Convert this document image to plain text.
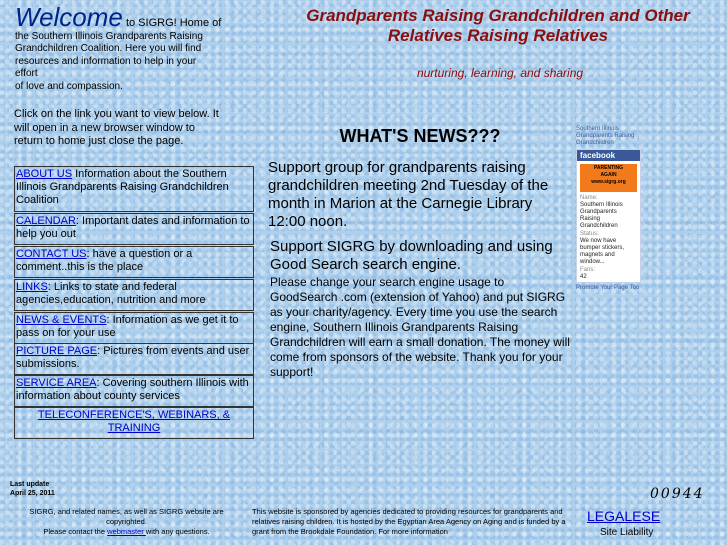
Welcome to SIGRG! Home of
the Southern Illinois Grandparents Raising
Grandchildren Coalition. Here you will find
resources and information to help in your
effort
of love and compassion.
Click on the link you want to view below. It
will open in a new browser window to
return to home just close the page.
ABOUT US Information about the Southern Illinois Grandparents Raising Grandchildren Coalition
CALENDAR: Important dates and information to help you out
CONTACT US: have a question or a comment..this is the place
LINKS: Links to state and federal agencies,education, nutrition and more
NEWS & EVENTS: Information as we get it to pass on for your use
PICTURE PAGE: Pictures from events and user submissions.
SERVICE AREA: Covering southern Illinois with information about county services
TELECONFERENCE'S, WEBINARS, & TRAINING
Grandparents Raising Grandchildren and Other
Relatives Raising Relatives
nurturing, learning, and sharing
WHAT'S NEWS???
Support group for grandparents raising grandchildren meeting 2nd Tuesday of the month in Marion at the Carnegie Library 12:00 noon.
Support SIGRG by downloading and using Good Search search engine.
Please change your search engine usage to GoodSearch .com (extension of Yahoo) and put SIGRG as your charity/agency. Every time you use the search engine, Southern Illinois Grandparents Raising Grandchildren will earn a small donation. The money will come from sponsors of the website. Thank you for your support!
Southern Illinois Grandparents Raising Grandchildren
facebook
PARENTING
AGAIN
www.sigrg.org
Name:
Southern Illinois Grandparents Raising Grandchildren
Status:
We now have bumper stickers, magnets and window...
Fans:
42
Promote Your Page Too
Last update
April 25, 2011
SIGRG, and related names, as well as SIGRG website are copyrighted.
Please contact the webmaster with any questions.
This website is sponsored by agencies dedicated to providing resources for grandparents and relatives raising children. It is hosted by the Egyptian Area Agency on Aging and is funded by a grant from the Brookdale Foundation. For more information
00944
LEGALESE
Site Liability
